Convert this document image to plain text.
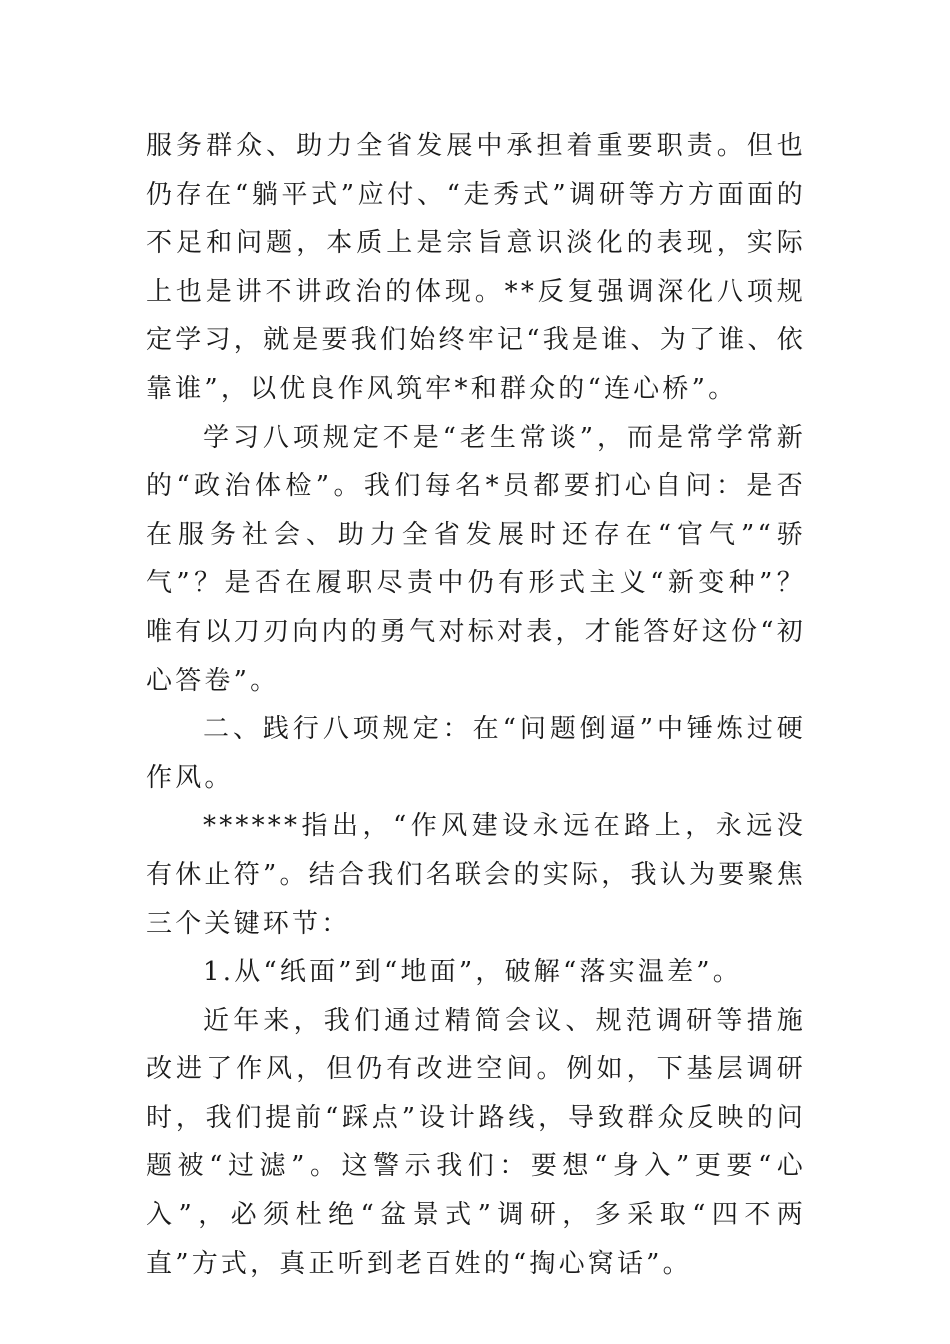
服务群众、助力全省发展中承担着重要职责。但也仍存在“躺平式”应付、“走秀式”调研等方方面面的不足和问题，本质上是宗旨意识淡化的表现，实际上也是讲不讲政治的体现。**反复强调深化八项规定学习，就是要我们始终牢记“我是谁、为了谁、依靠谁”，以优良作风筑牢*和群众的“连心桥”。

学习八项规定不是“老生常谈”，而是常学常新的“政治体检”。我们每名*员都要扪心自问：是否在服务社会、助力全省发展时还存在“官气”“骄气”？是否在履职尽责中仍有形式主义“新变种”？唯有以刀刃向内的勇气对标对表，才能答好这份“初心答卷”。

二、践行八项规定：在“问题倒逼”中锤炼过硬作风。

******指出，“作风建设永远在路上，永远没有休止符”。结合我们名联会的实际，我认为要聚焦三个关键环节：

1.从“纸面”到“地面”，破解“落实温差”。

近年来，我们通过精简会议、规范调研等措施改进了作风，但仍有改进空间。例如，下基层调研时，我们提前“踩点”设计路线，导致群众反映的问题被“过滤”。这警示我们：要想“身入”更要“心入”，必须杜绝“盆景式”调研，多采取“四不两直”方式，真正听到老百姓的“掏心窝话”。
